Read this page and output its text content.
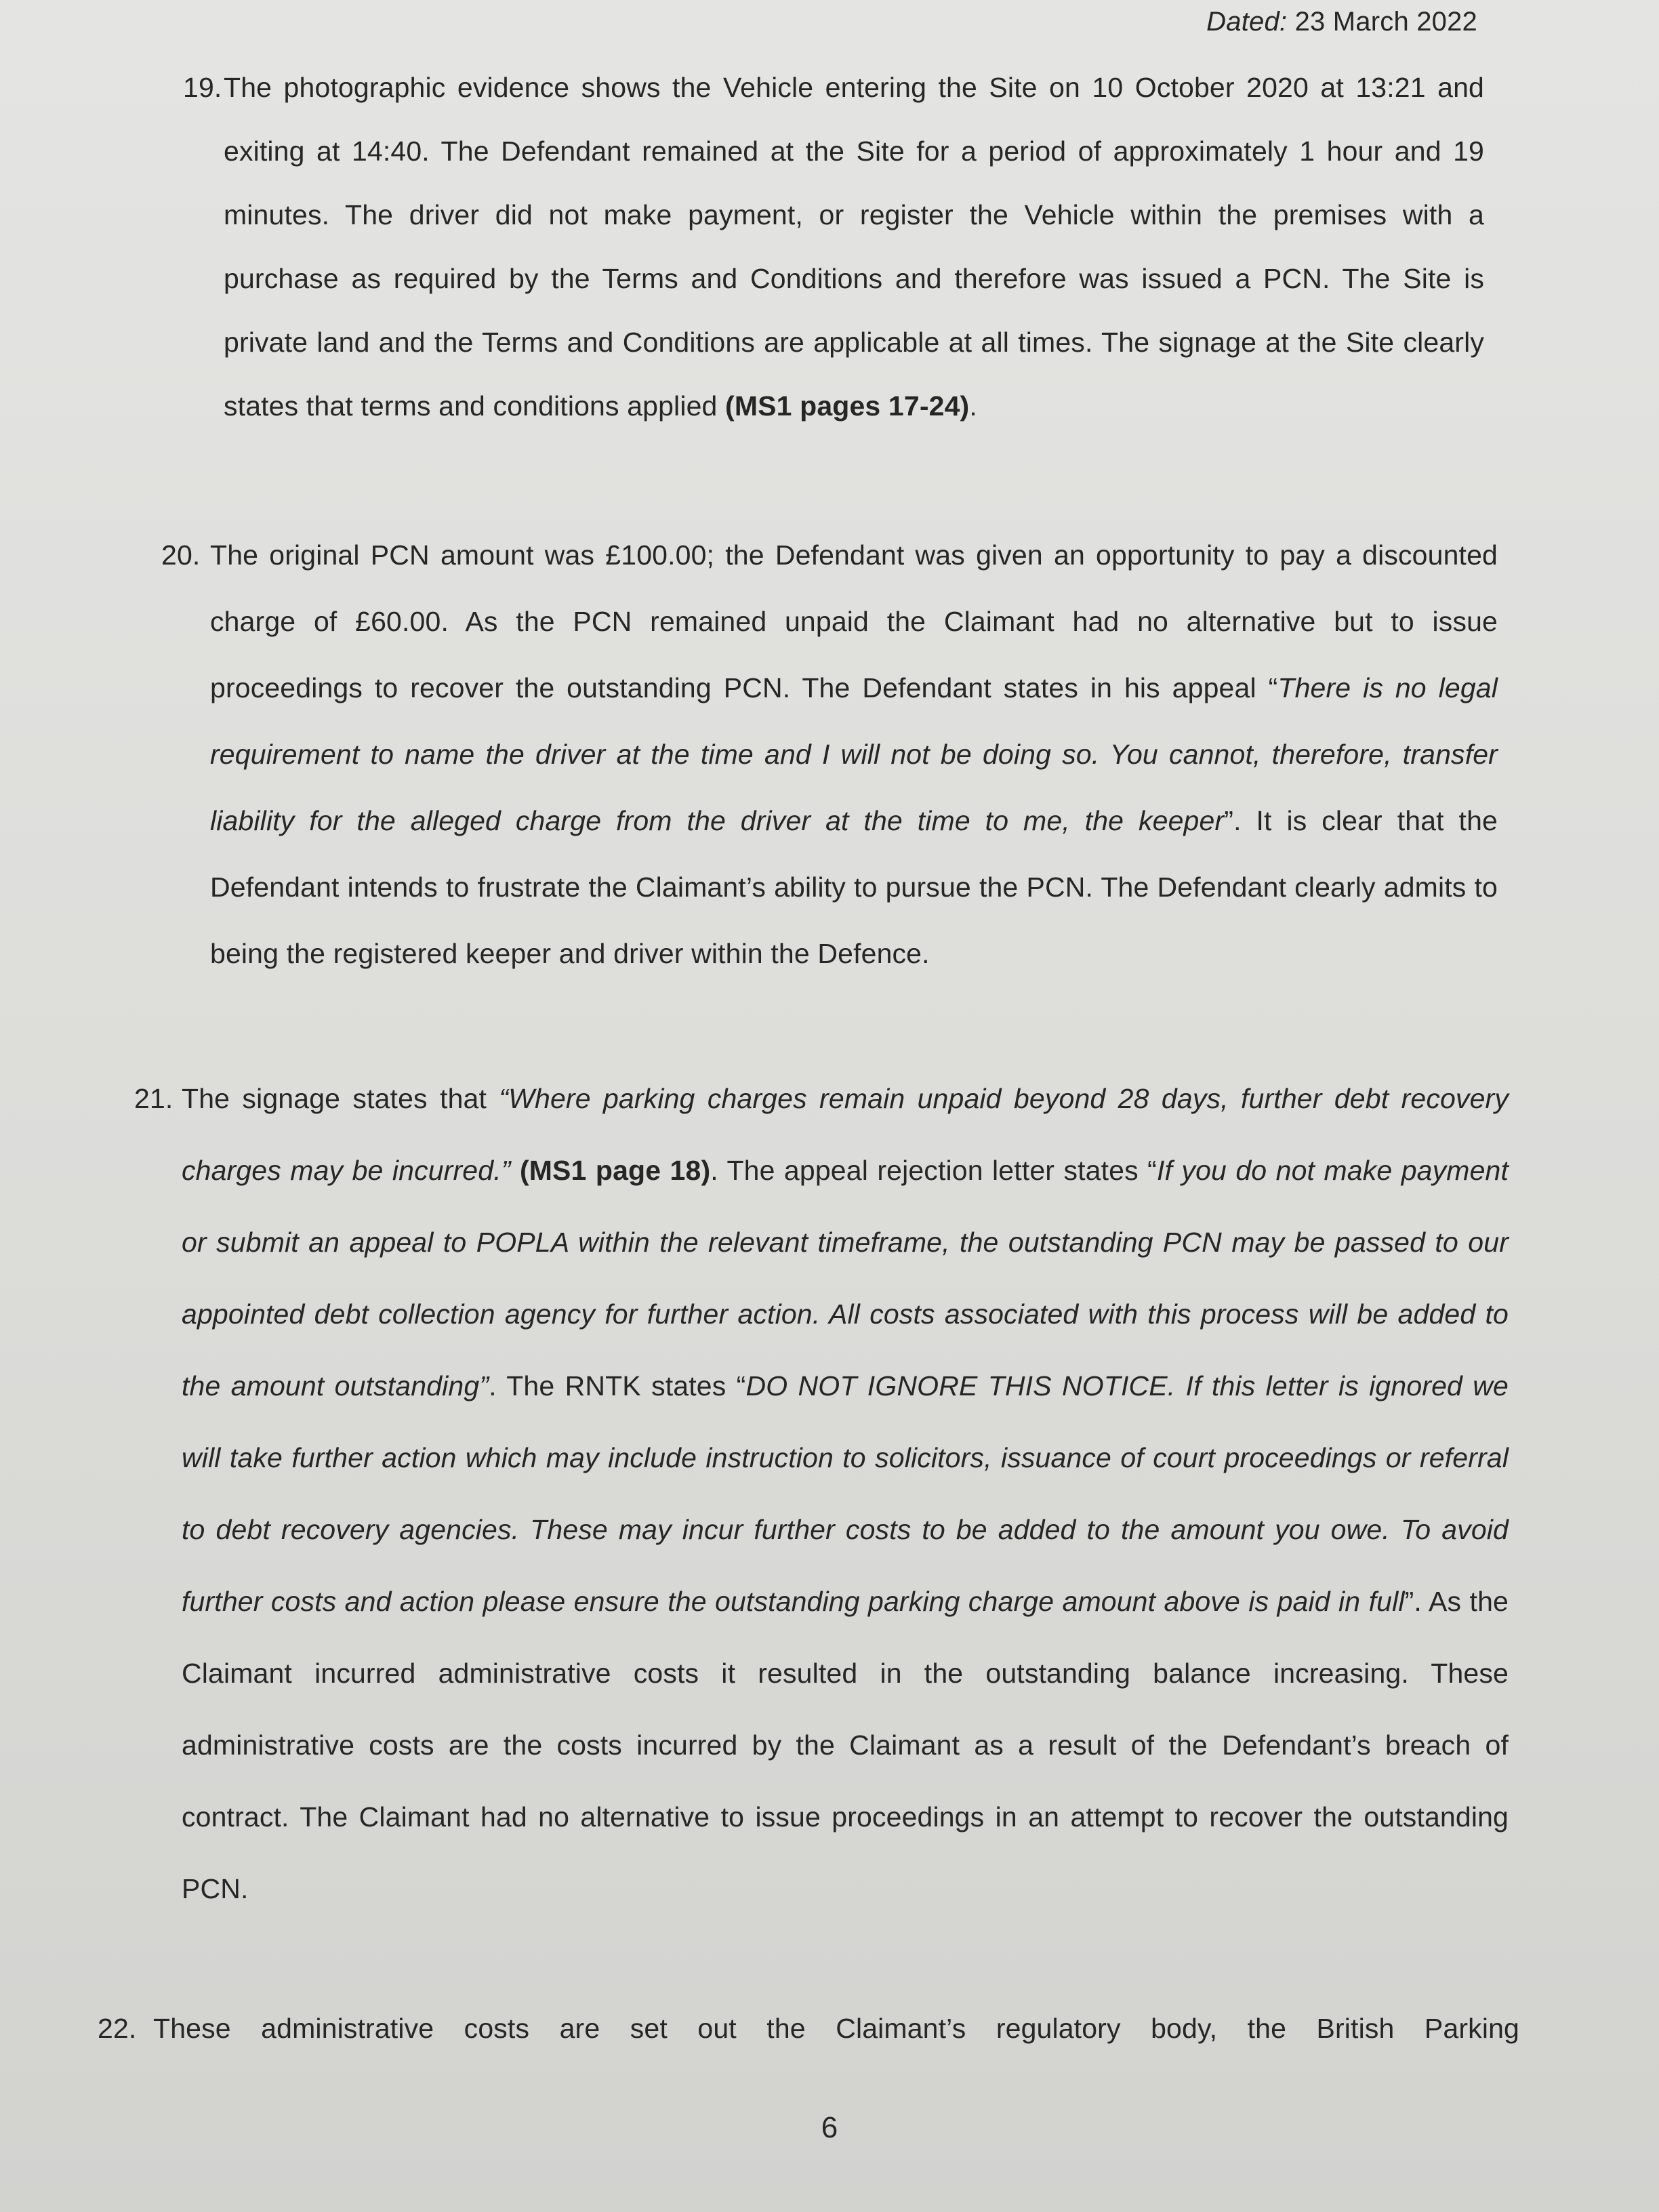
Dated: 23 March 2022
19. The photographic evidence shows the Vehicle entering the Site on 10 October 2020 at 13:21 and exiting at 14:40. The Defendant remained at the Site for a period of approximately 1 hour and 19 minutes. The driver did not make payment, or register the Vehicle within the premises with a purchase as required by the Terms and Conditions and therefore was issued a PCN. The Site is private land and the Terms and Conditions are applicable at all times. The signage at the Site clearly states that terms and conditions applied (MS1 pages 17-24).

20. The original PCN amount was £100.00; the Defendant was given an opportunity to pay a discounted charge of £60.00. As the PCN remained unpaid the Claimant had no alternative but to issue proceedings to recover the outstanding PCN. The Defendant states in his appeal “There is no legal requirement to name the driver at the time and I will not be doing so. You cannot, therefore, transfer liability for the alleged charge from the driver at the time to me, the keeper”. It is clear that the Defendant intends to frustrate the Claimant’s ability to pursue the PCN. The Defendant clearly admits to being the registered keeper and driver within the Defence.

21. The signage states that “Where parking charges remain unpaid beyond 28 days, further debt recovery charges may be incurred.” (MS1 page 18). The appeal rejection letter states “If you do not make payment or submit an appeal to POPLA within the relevant timeframe, the outstanding PCN may be passed to our appointed debt collection agency for further action. All costs associated with this process will be added to the amount outstanding”. The RNTK states “DO NOT IGNORE THIS NOTICE. If this letter is ignored we will take further action which may include instruction to solicitors, issuance of court proceedings or referral to debt recovery agencies. These may incur further costs to be added to the amount you owe. To avoid further costs and action please ensure the outstanding parking charge amount above is paid in full”. As the Claimant incurred administrative costs it resulted in the outstanding balance increasing. These administrative costs are the costs incurred by the Claimant as a result of the Defendant’s breach of contract. The Claimant had no alternative to issue proceedings in an attempt to recover the outstanding PCN.

22. These administrative costs are set out the Claimant’s regulatory body, the British Parking

6
